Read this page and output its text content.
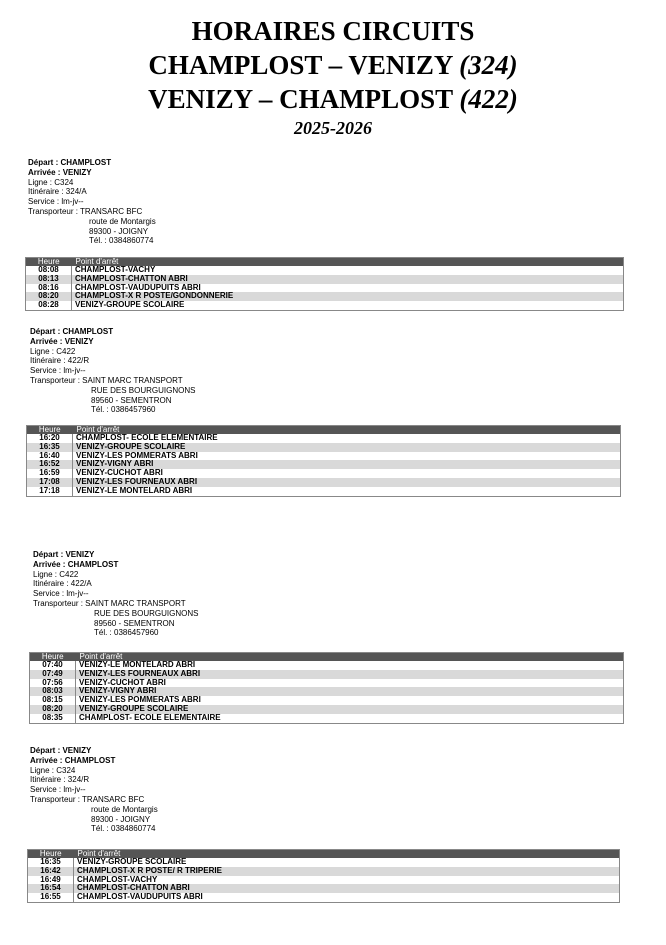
HORAIRES CIRCUITS
CHAMPLOST – VENIZY (324)
VENIZY – CHAMPLOST (422)
2025-2026
Départ : CHAMPLOST
Arrivée : VENIZY
Ligne : C324
Itinéraire : 324/A
Service : lm-jv--
Transporteur : TRANSARC BFC
route de Montargis
89300 - JOIGNY
Tél. : 0384860774
Heure	Point d'arrêt
08:08	CHAMPLOST-VACHY
08:13	CHAMPLOST-CHATTON ABRI
08:16	CHAMPLOST-VAUDUPUITS ABRI
08:20	CHAMPLOST-X R POSTE/GONDONNERIE
08:28	VENIZY-GROUPE SCOLAIRE
Départ : CHAMPLOST
Arrivée : VENIZY
Ligne : C422
Itinéraire : 422/R
Service : lm-jv--
Transporteur : SAINT MARC TRANSPORT
RUE DES BOURGUIGNONS
89560 - SEMENTRON
Tél. : 0386457960
Heure	Point d'arrêt
16:20	CHAMPLOST- ECOLE ELEMENTAIRE
16:35	VENIZY-GROUPE SCOLAIRE
16:40	VENIZY-LES POMMERATS ABRI
16:52	VENIZY-VIGNY ABRI
16:59	VENIZY-CUCHOT ABRI
17:08	VENIZY-LES FOURNEAUX ABRI
17:18	VENIZY-LE MONTELARD ABRI
Départ : VENIZY
Arrivée : CHAMPLOST
Ligne : C422
Itinéraire : 422/A
Service : lm-jv--
Transporteur : SAINT MARC TRANSPORT
RUE DES BOURGUIGNONS
89560 - SEMENTRON
Tél. : 0386457960
Heure	Point d'arrêt
07:40	VENIZY-LE MONTELARD ABRI
07:49	VENIZY-LES FOURNEAUX ABRI
07:56	VENIZY-CUCHOT ABRI
08:03	VENIZY-VIGNY ABRI
08:15	VENIZY-LES POMMERATS ABRI
08:20	VENIZY-GROUPE SCOLAIRE
08:35	CHAMPLOST- ECOLE ELEMENTAIRE
Départ : VENIZY
Arrivée : CHAMPLOST
Ligne : C324
Itinéraire : 324/R
Service : lm-jv--
Transporteur : TRANSARC BFC
route de Montargis
89300 - JOIGNY
Tél. : 0384860774
Heure	Point d'arrêt
16:35	VENIZY-GROUPE SCOLAIRE
16:42	CHAMPLOST-X R POSTE/ R TRIPERIE
16:49	CHAMPLOST-VACHY
16:54	CHAMPLOST-CHATTON ABRI
16:55	CHAMPLOST-VAUDUPUITS ABRI
